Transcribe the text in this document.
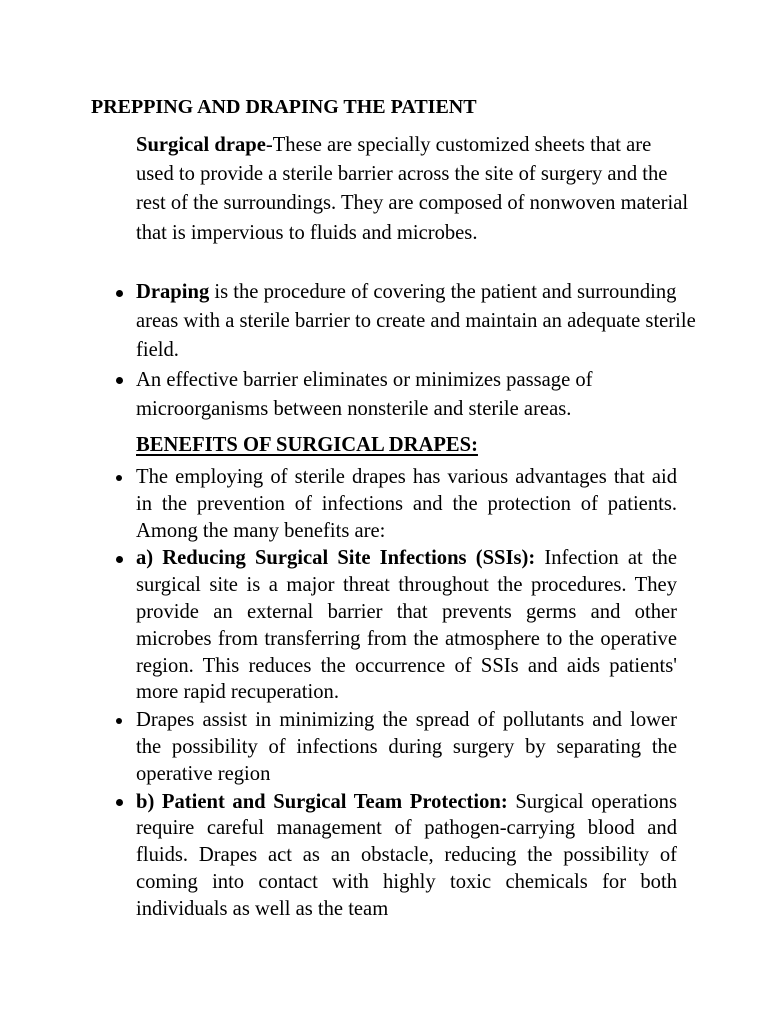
PREPPING AND DRAPING THE PATIENT

Surgical drape-These are specially customized sheets that are used to provide a sterile barrier across the site of surgery and the rest of the surroundings. They are composed of nonwoven material that is impervious to fluids and microbes.

Draping is the procedure of covering the patient and surrounding areas with a sterile barrier to create and maintain an adequate sterile field.
An effective barrier eliminates or minimizes passage of microorganisms between nonsterile and sterile areas.
BENEFITS OF SURGICAL DRAPES:
The employing of sterile drapes has various advantages that aid in the prevention of infections and the protection of patients. Among the many benefits are:
a) Reducing Surgical Site Infections (SSIs): Infection at the surgical site is a major threat throughout the procedures. They provide an external barrier that prevents germs and other microbes from transferring from the atmosphere to the operative region. This reduces the occurrence of SSIs and aids patients' more rapid recuperation.
Drapes assist in minimizing the spread of pollutants and lower the possibility of infections during surgery by separating the operative region
b) Patient and Surgical Team Protection: Surgical operations require careful management of pathogen-carrying blood and fluids. Drapes act as an obstacle, reducing the possibility of coming into contact with highly toxic chemicals for both individuals as well as the team
